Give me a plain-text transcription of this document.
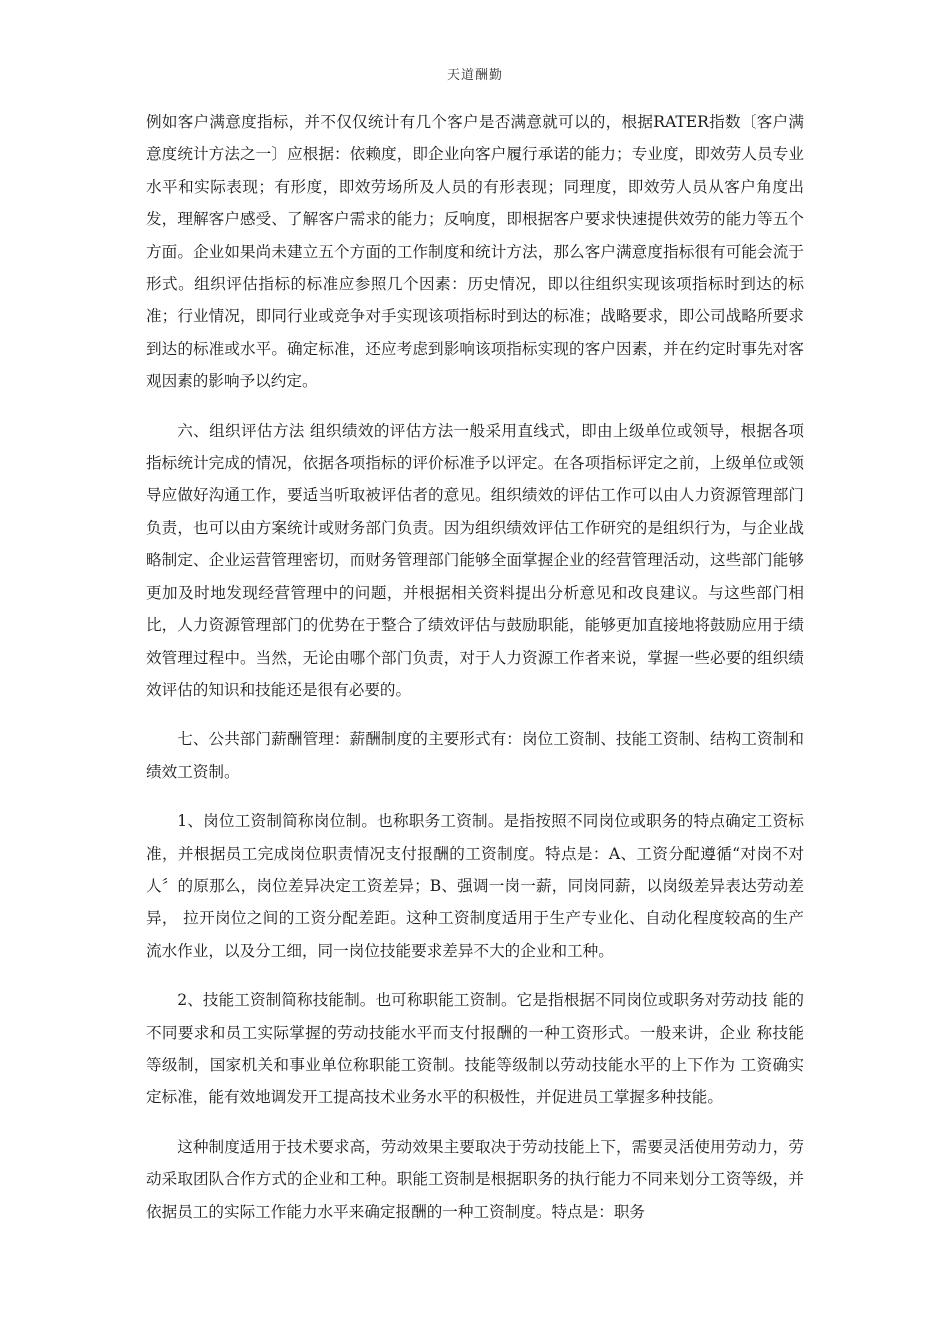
天道酬勤

例如客户满意度指标，并不仅仅统计有几个客户是否满意就可以的，根据RATER指数〔客户满意度统计方法之一〕应根据：依赖度，即企业向客户履行承诺的能力；专业度，即效劳人员专业水平和实际表现；有形度，即效劳场所及人员的有形表现；同理度，即效劳人员从客户角度出发，理解客户感受、了解客户需求的能力；反响度，即根据客户要求快速提供效劳的能力等五个方面。企业如果尚未建立五个方面的工作制度和统计方法，那么客户满意度指标很有可能会流于形式。组织评估指标的标准应参照几个因素：历史情况，即以往组织实现该项指标时到达的标准；行业情况，即同行业或竞争对手实现该项指标时到达的标准；战略要求，即公司战略所要求到达的标准或水平。确定标准，还应考虑到影响该项指标实现的客户因素，并在约定时事先对客观因素的影响予以约定。

六、组织评估方法 组织绩效的评估方法一般采用直线式，即由上级单位或领导，根据各项指标统计完成的情况，依据各项指标的评价标准予以评定。在各项指标评定之前，上级单位或领导应做好沟通工作，要适当听取被评估者的意见。组织绩效的评估工作可以由人力资源管理部门负责，也可以由方案统计或财务部门负责。因为组织绩效评估工作研究的是组织行为，与企业战略制定、企业运营管理密切，而财务管理部门能够全面掌握企业的经营管理活动，这些部门能够更加及时地发现经营管理中的问题，并根据相关资料提出分析意见和改良建议。与这些部门相比，人力资源管理部门的优势在于整合了绩效评估与鼓励职能，能够更加直接地将鼓励应用于绩效管理过程中。当然，无论由哪个部门负责，对于人力资源工作者来说，掌握一些必要的组织绩效评估的知识和技能还是很有必要的。

七、公共部门薪酬管理：薪酬制度的主要形式有：岗位工资制、技能工资制、结构工资制和绩效工资制。

1、岗位工资制简称岗位制。也称职务工资制。是指按照不同岗位或职务的特点确定工资标准，并根据员工完成岗位职责情况支付报酬的工资制度。特点是：A、工资分配遵循“对岗不对人〞的原那么，岗位差异决定工资差异；B、强调一岗一薪，同岗同薪，以岗级差异表达劳动差异， 拉开岗位之间的工资分配差距。这种工资制度适用于生产专业化、自动化程度较高的生产流水作业，以及分工细，同一岗位技能要求差异不大的企业和工种。

2、技能工资制简称技能制。也可称职能工资制。它是指根据不同岗位或职务对劳动技 能的不同要求和员工实际掌握的劳动技能水平而支付报酬的一种工资形式。一般来讲，企业 称技能等级制，国家机关和事业单位称职能工资制。技能等级制以劳动技能水平的上下作为 工资确实定标准，能有效地调发开工提高技术业务水平的积极性，并促进员工掌握多种技能。

这种制度适用于技术要求高，劳动效果主要取决于劳动技能上下，需要灵活使用劳动力，劳 动采取团队合作方式的企业和工种。职能工资制是根据职务的执行能力不同来划分工资等级，并依据员工的实际工作能力水平来确定报酬的一种工资制度。特点是：职务
